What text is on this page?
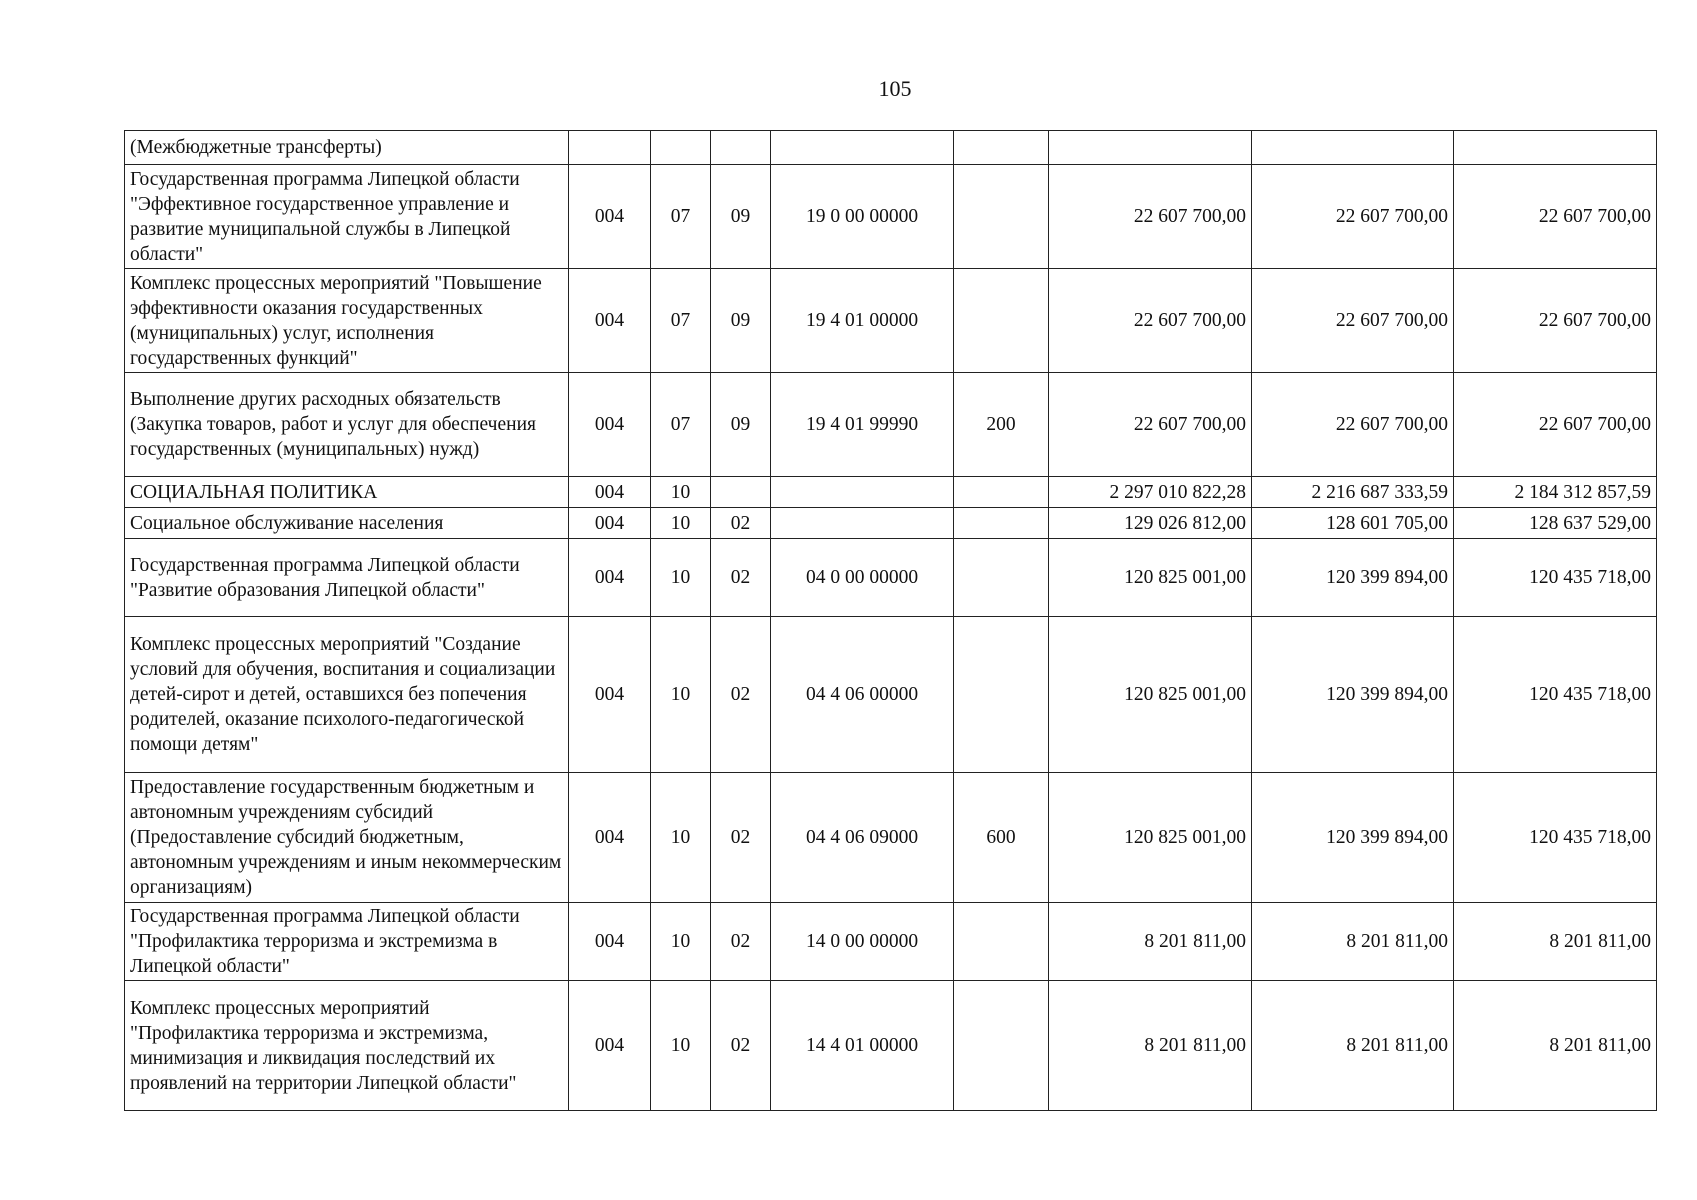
105
(Межбюджетные трансферты)								
Государственная программа Липецкой области "Эффективное государственное управление и развитие муниципальной службы в Липецкой области"	004	07	09	19 0 00 00000		22 607 700,00	22 607 700,00	22 607 700,00
Комплекс процессных мероприятий "Повышение эффективности оказания государственных (муниципальных) услуг, исполнения государственных функций"	004	07	09	19 4 01 00000		22 607 700,00	22 607 700,00	22 607 700,00
Выполнение других расходных обязательств (Закупка товаров, работ и услуг для обеспечения государственных (муниципальных) нужд)	004	07	09	19 4 01 99990	200	22 607 700,00	22 607 700,00	22 607 700,00
СОЦИАЛЬНАЯ ПОЛИТИКА	004	10				2 297 010 822,28	2 216 687 333,59	2 184 312 857,59
Социальное обслуживание населения	004	10	02			129 026 812,00	128 601 705,00	128 637 529,00
Государственная программа Липецкой области "Развитие образования Липецкой области"	004	10	02	04 0 00 00000		120 825 001,00	120 399 894,00	120 435 718,00
Комплекс процессных мероприятий "Создание условий для обучения, воспитания и социализации детей-сирот и детей, оставшихся без попечения родителей, оказание психолого-педагогической помощи детям"	004	10	02	04 4 06 00000		120 825 001,00	120 399 894,00	120 435 718,00
Предоставление государственным бюджетным и автономным учреждениям субсидий (Предоставление субсидий бюджетным, автономным учреждениям и иным некоммерческим организациям)	004	10	02	04 4 06 09000	600	120 825 001,00	120 399 894,00	120 435 718,00
Государственная программа Липецкой области "Профилактика терроризма и экстремизма в Липецкой области"	004	10	02	14 0 00 00000		8 201 811,00	8 201 811,00	8 201 811,00
Комплекс процессных мероприятий "Профилактика терроризма и экстремизма, минимизация и ликвидация последствий их проявлений на территории Липецкой области"	004	10	02	14 4 01 00000		8 201 811,00	8 201 811,00	8 201 811,00
